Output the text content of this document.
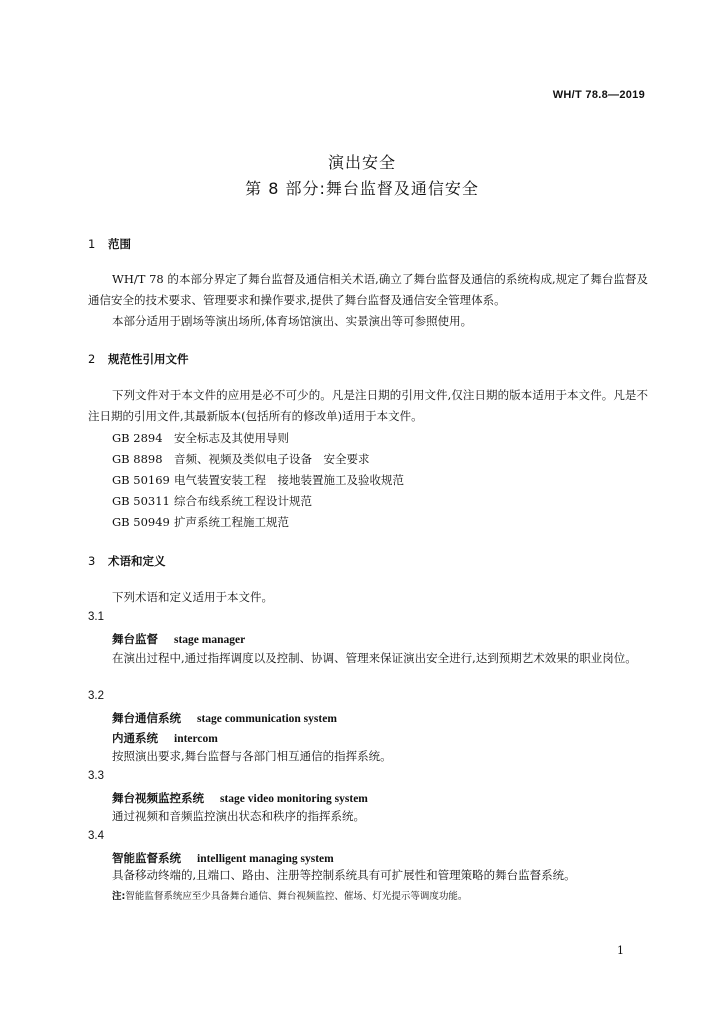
WH/T 78.8—2019
演出安全
第 8 部分:舞台监督及通信安全
1 范围
WH/T 78 的本部分界定了舞台监督及通信相关术语,确立了舞台监督及通信的系统构成,规定了舞台监督及通信安全的技术要求、管理要求和操作要求,提供了舞台监督及通信安全管理体系。
本部分适用于剧场等演出场所,体育场馆演出、实景演出等可参照使用。
2 规范性引用文件
下列文件对于本文件的应用是必不可少的。凡是注日期的引用文件,仅注日期的版本适用于本文件。凡是不注日期的引用文件,其最新版本(包括所有的修改单)适用于本文件。
GB 2894 安全标志及其使用导则
GB 8898 音频、视频及类似电子设备　安全要求
GB 50169 电气装置安装工程　接地装置施工及验收规范
GB 50311 综合布线系统工程设计规范
GB 50949 扩声系统工程施工规范
3 术语和定义
下列术语和定义适用于本文件。
3.1
舞台监督 stage manager
在演出过程中,通过指挥调度以及控制、协调、管理来保证演出安全进行,达到预期艺术效果的职业岗位。
3.2
舞台通信系统 stage communication system
内通系统 intercom
按照演出要求,舞台监督与各部门相互通信的指挥系统。
3.3
舞台视频监控系统 stage video monitoring system
通过视频和音频监控演出状态和秩序的指挥系统。
3.4
智能监督系统 intelligent managing system
具备移动终端的,且端口、路由、注册等控制系统具有可扩展性和管理策略的舞台监督系统。
注:智能监督系统应至少具备舞台通信、舞台视频监控、催场、灯光提示等调度功能。
1
